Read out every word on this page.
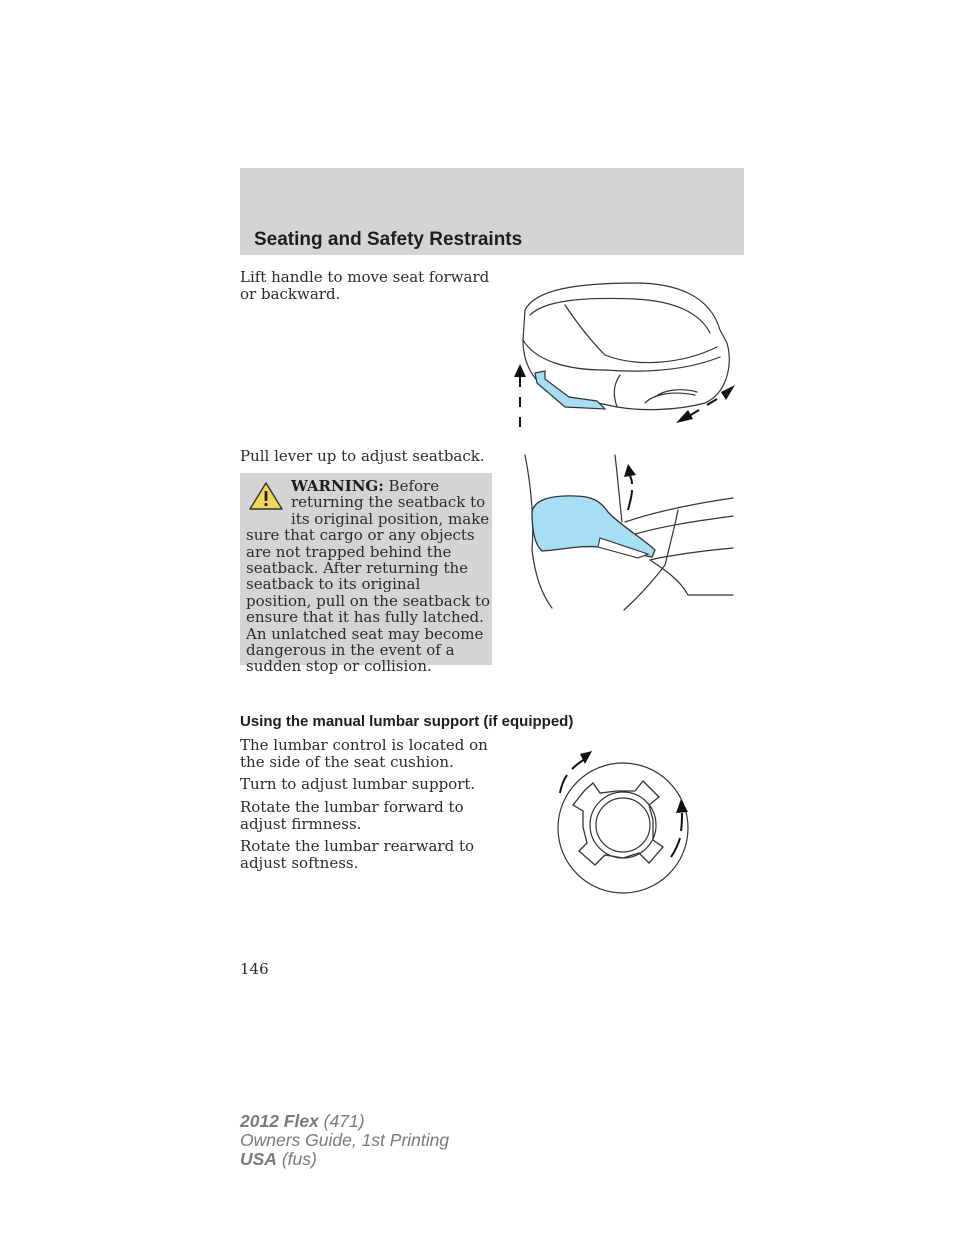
Seating and Safety Restraints

Lift handle to move seat forward or backward.

Pull lever up to adjust seatback.

WARNING: Before returning the seatback to its original position, make sure that cargo or any objects are not trapped behind the seatback. After returning the seatback to its original position, pull on the seatback to ensure that it has fully latched. An unlatched seat may become dangerous in the event of a sudden stop or collision.

Using the manual lumbar support (if equipped)

The lumbar control is located on the side of the seat cushion.

Turn to adjust lumbar support.

Rotate the lumbar forward to adjust firmness.

Rotate the lumbar rearward to adjust softness.

146

2012 Flex (471)
Owners Guide, 1st Printing
USA (fus)
